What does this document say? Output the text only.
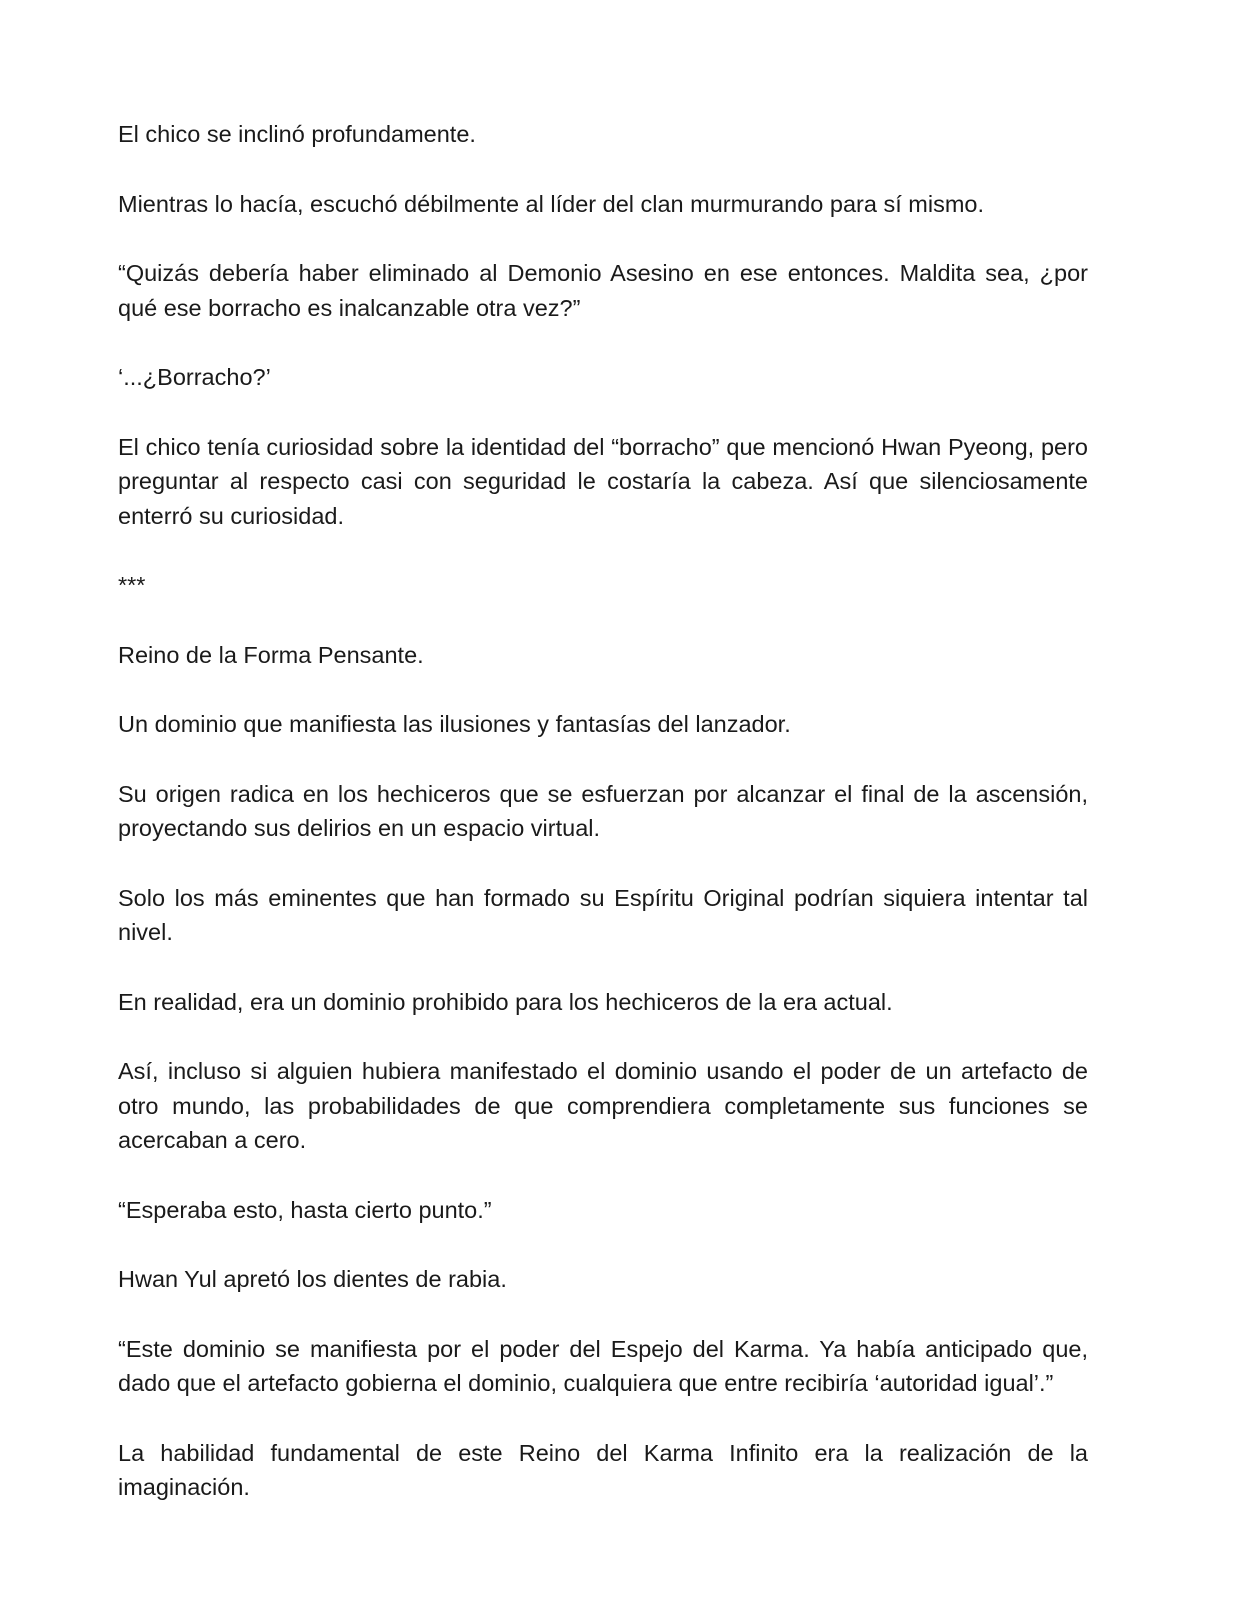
El chico se inclinó profundamente.

Mientras lo hacía, escuchó débilmente al líder del clan murmurando para sí mismo.

“Quizás debería haber eliminado al Demonio Asesino en ese entonces. Maldita sea, ¿por qué ese borracho es inalcanzable otra vez?”

‘...¿Borracho?’

El chico tenía curiosidad sobre la identidad del “borracho” que mencionó Hwan Pyeong, pero preguntar al respecto casi con seguridad le costaría la cabeza. Así que silenciosamente enterró su curiosidad.

***

Reino de la Forma Pensante.

Un dominio que manifiesta las ilusiones y fantasías del lanzador.

Su origen radica en los hechiceros que se esfuerzan por alcanzar el final de la ascensión, proyectando sus delirios en un espacio virtual.

Solo los más eminentes que han formado su Espíritu Original podrían siquiera intentar tal nivel.

En realidad, era un dominio prohibido para los hechiceros de la era actual.

Así, incluso si alguien hubiera manifestado el dominio usando el poder de un artefacto de otro mundo, las probabilidades de que comprendiera completamente sus funciones se acercaban a cero.

“Esperaba esto, hasta cierto punto.”

Hwan Yul apretó los dientes de rabia.

“Este dominio se manifiesta por el poder del Espejo del Karma. Ya había anticipado que, dado que el artefacto gobierna el dominio, cualquiera que entre recibiría ‘autoridad igual’.”

La habilidad fundamental de este Reino del Karma Infinito era la realización de la imaginación.
